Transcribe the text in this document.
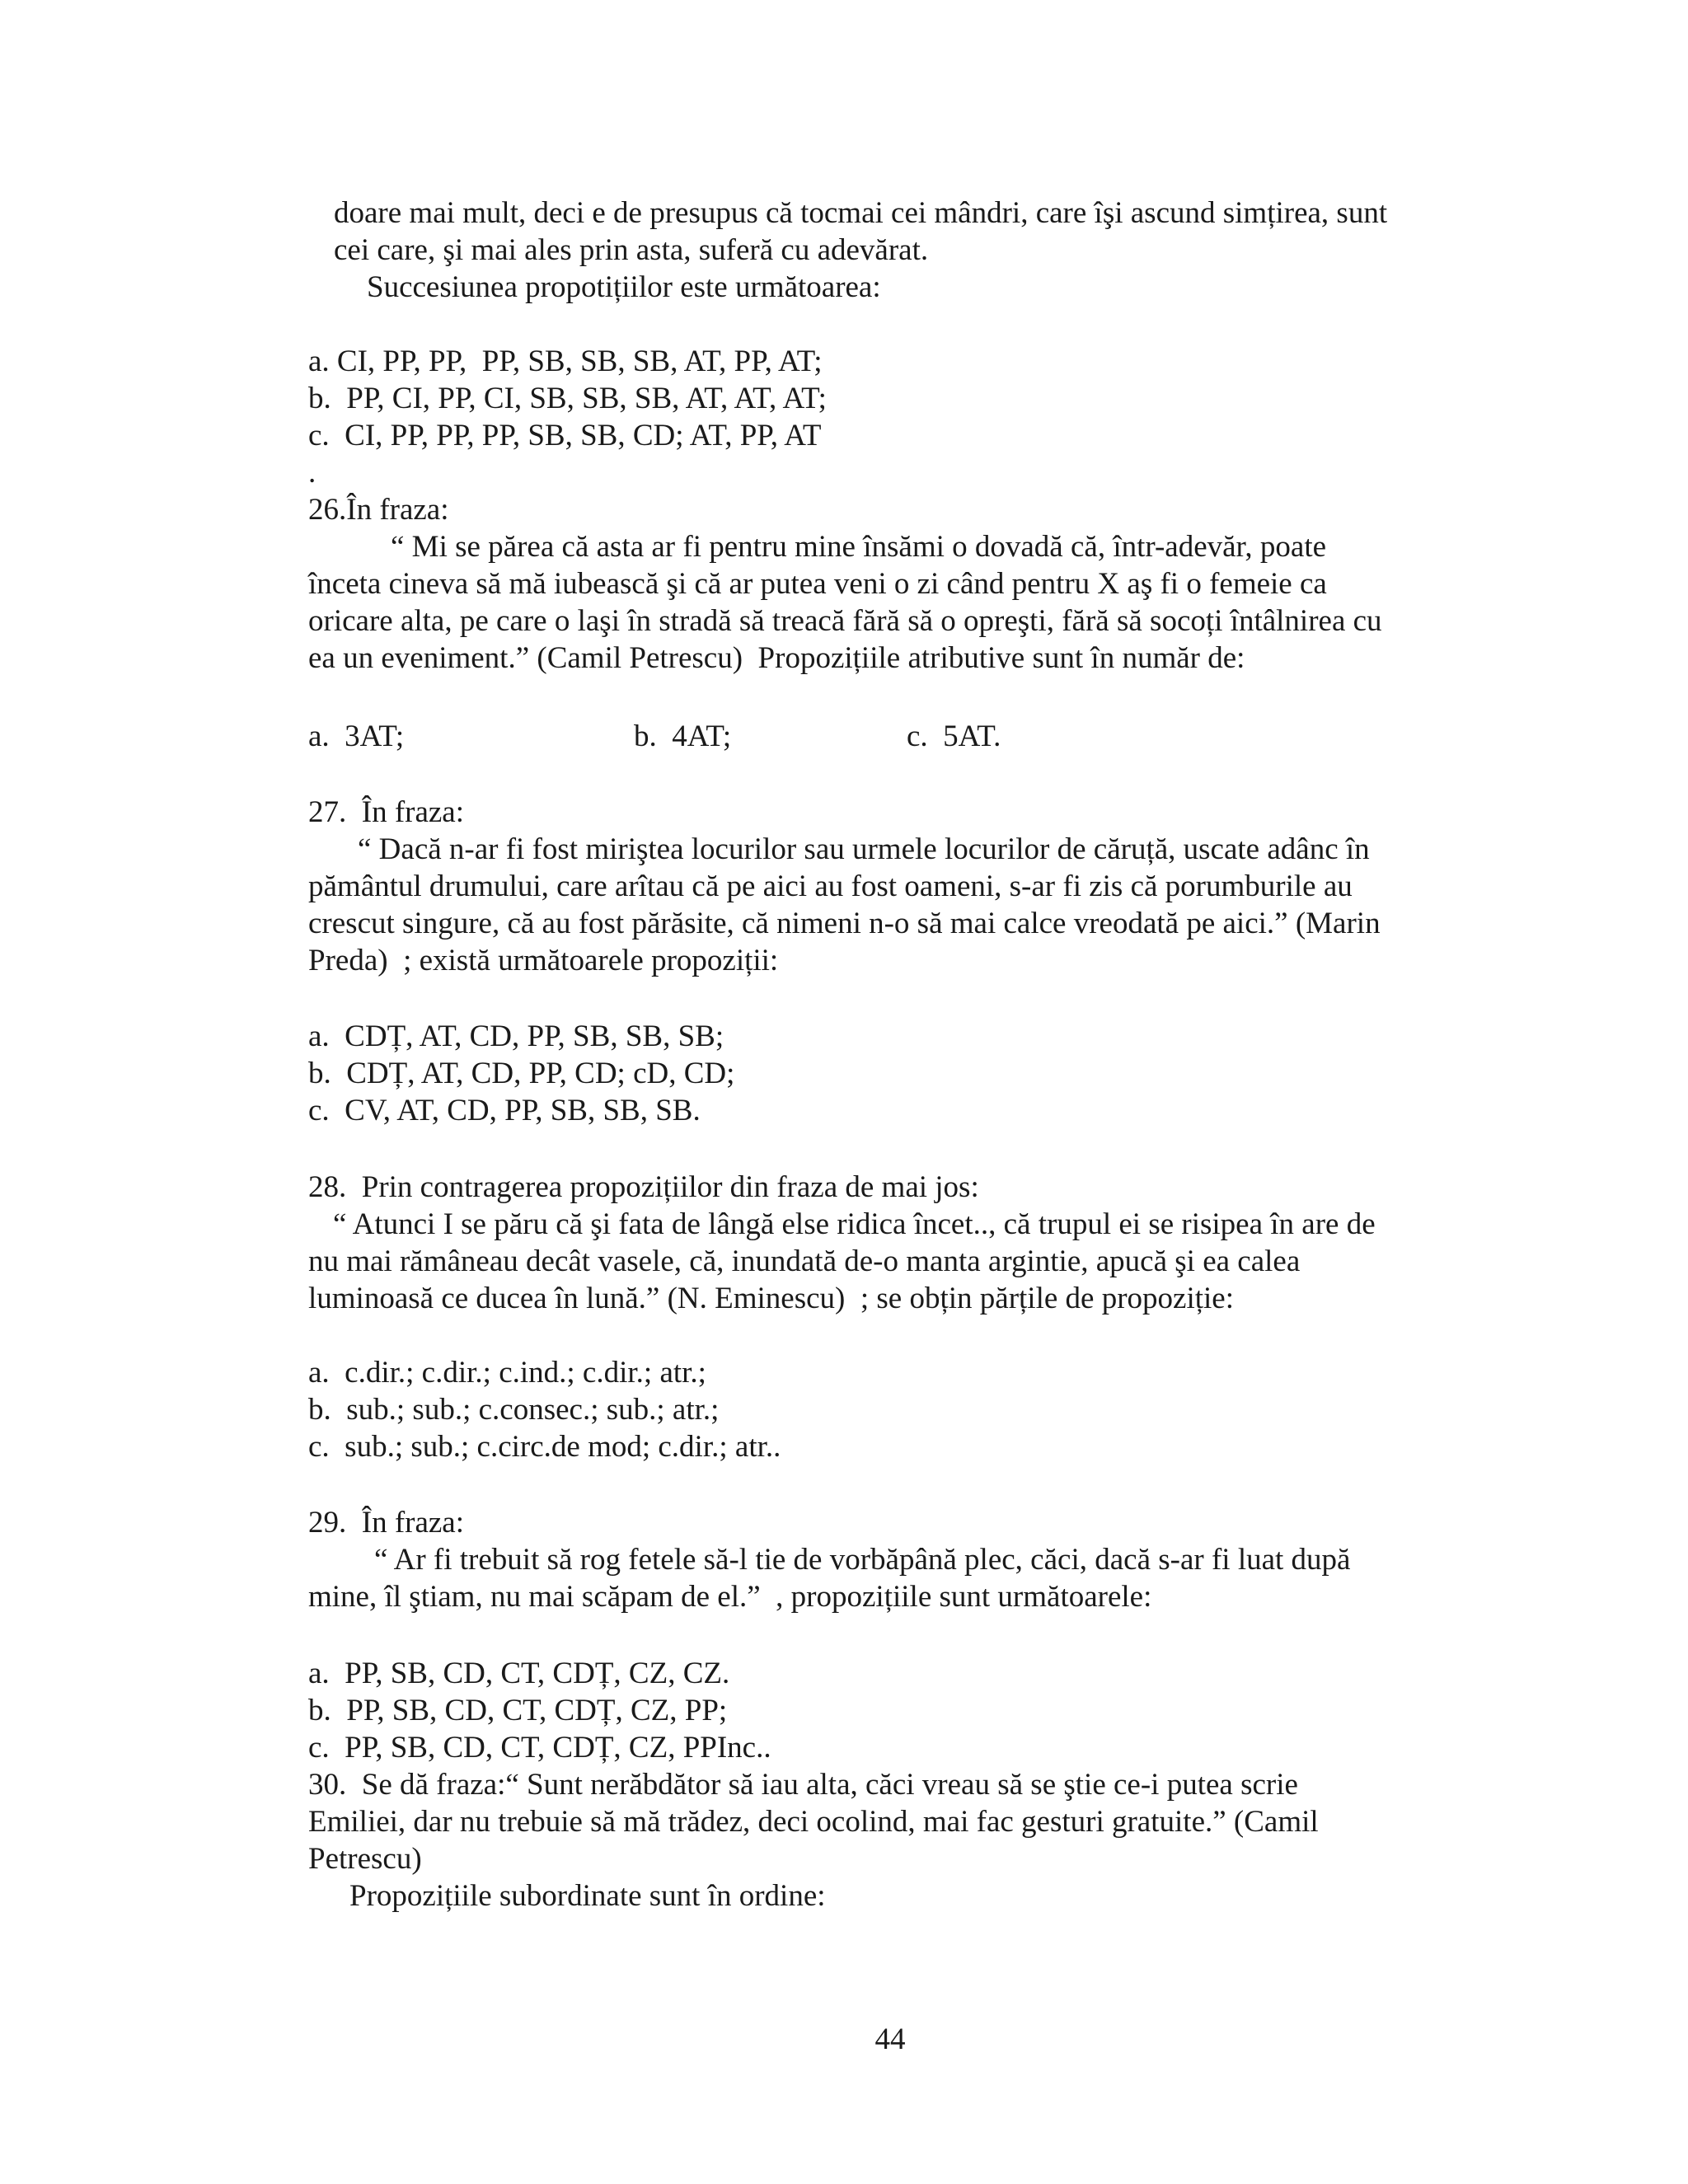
doare mai mult, deci e de presupus că tocmai cei mândri, care îşi ascund simțirea, sunt
cei care, şi mai ales prin asta, suferă cu adevărat.
Succesiunea propotițiilor este următoarea:
a. CI, PP, PP,  PP, SB, SB, SB, AT, PP, AT;
b.  PP, CI, PP, CI, SB, SB, SB, AT, AT, AT;
c.  CI, PP, PP, PP, SB, SB, CD; AT, PP, AT
.
26.În fraza:
“ Mi se părea că asta ar fi pentru mine însămi o dovadă că, într-adevăr, poate
înceta cineva să mă iubească şi că ar putea veni o zi când pentru X aş fi o femeie ca
oricare alta, pe care o laşi în stradă să treacă fără să o opreşti, fără să socoți întâlnirea cu
ea un eveniment.” (Camil Petrescu)  Propozițiile atributive sunt în număr de:
a.  3AT;	b.  4AT;	c.  5AT.
27.  În fraza:
“ Dacă n-ar fi fost miriştea locurilor sau urmele locurilor de căruță, uscate adânc în
pământul drumului, care arîtau că pe aici au fost oameni, s-ar fi zis că porumburile au
crescut singure, că au fost părăsite, că nimeni n-o să mai calce vreodată pe aici.” (Marin
Preda)  ; există următoarele propoziții:
a.  CDȚ, AT, CD, PP, SB, SB, SB;
b.  CDȚ, AT, CD, PP, CD; cD, CD;
c.  CV, AT, CD, PP, SB, SB, SB.
28.  Prin contragerea propozițiilor din fraza de mai jos:
“ Atunci I se păru că şi fata de lângă else ridica încet.., că trupul ei se risipea în are de
nu mai rămâneau decât vasele, că, inundată de-o manta argintie, apucă şi ea calea
luminoasă ce ducea în lună.” (N. Eminescu)  ; se obțin părțile de propoziție:
a.  c.dir.; c.dir.; c.ind.; c.dir.; atr.;
b.  sub.; sub.; c.consec.; sub.; atr.;
c.  sub.; sub.; c.circ.de mod; c.dir.; atr..
29.  În fraza:
“ Ar fi trebuit să rog fetele să-l tie de vorbăpână plec, căci, dacă s-ar fi luat după
mine, îl ştiam, nu mai scăpam de el.”  , propozițiile sunt următoarele:
a.  PP, SB, CD, CT, CDȚ, CZ, CZ.
b.  PP, SB, CD, CT, CDȚ, CZ, PP;
c.  PP, SB, CD, CT, CDȚ, CZ, PPInc..
30.  Se dă fraza:“ Sunt nerăbdător să iau alta, căci vreau să se ştie ce-i putea scrie
Emiliei, dar nu trebuie să mă trădez, deci ocolind, mai fac gesturi gratuite.” (Camil
Petrescu)
Propozițiile subordinate sunt în ordine:
44
